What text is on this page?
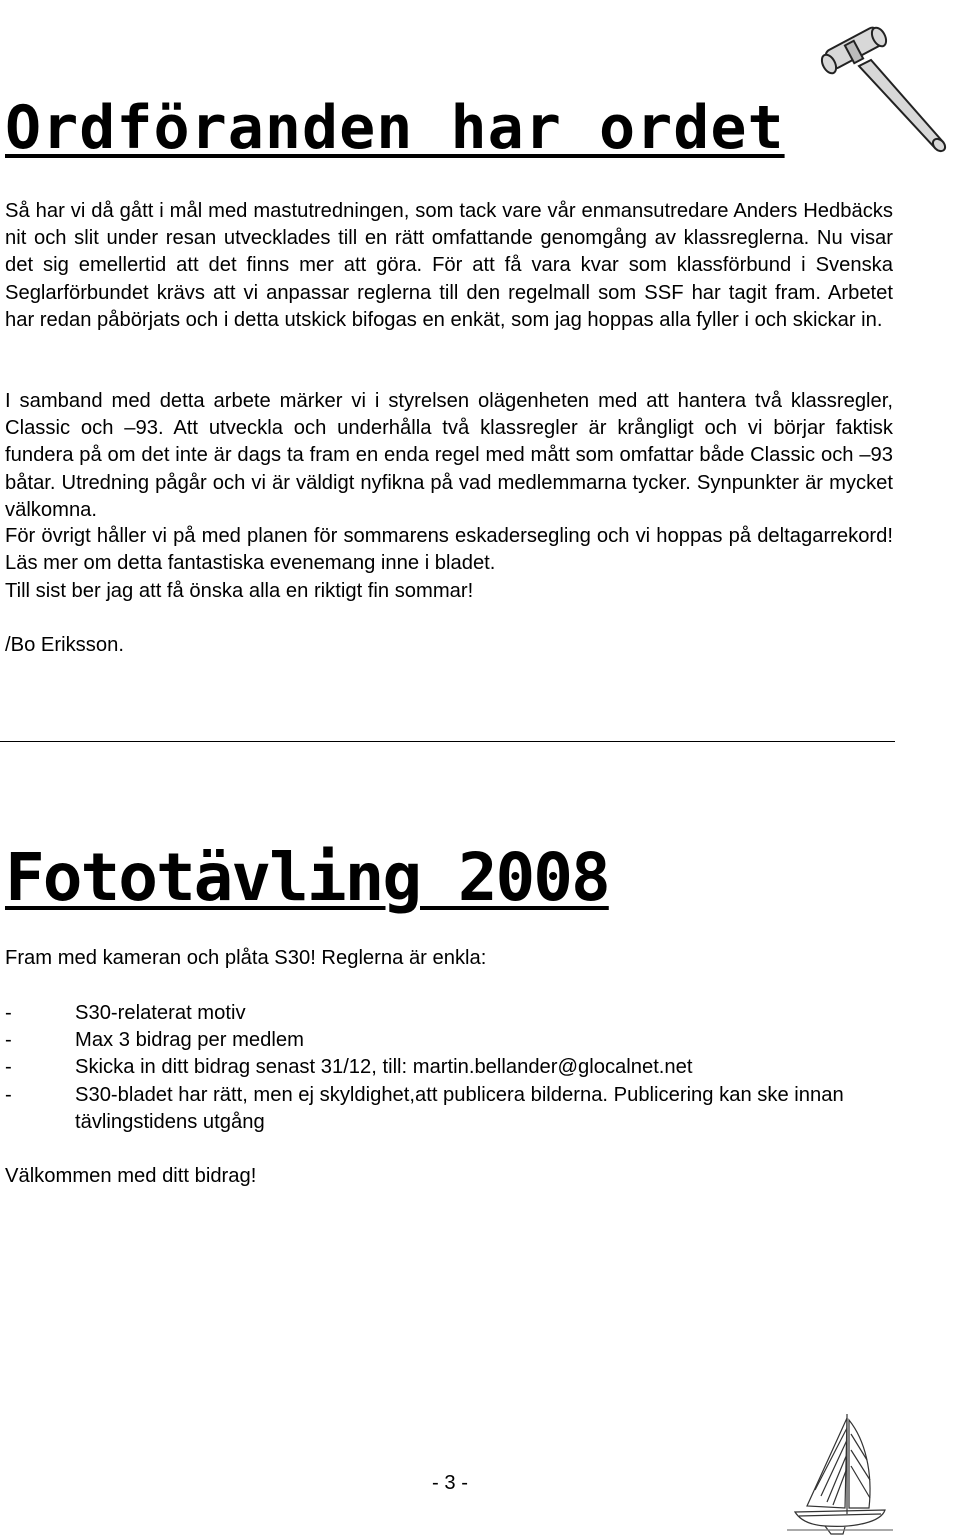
Ordföranden har ordet
Så har vi då gått i mål med mastutredningen, som tack vare vår enmansutredare Anders Hedbäcks nit och slit under resan utvecklades till en rätt omfattande genomgång av klassreglerna. Nu visar det sig emellertid att det finns mer att göra. För att få vara kvar som klassförbund i Svenska Seglarförbundet krävs att vi anpassar reglerna till den regelmall som SSF har tagit fram. Arbetet har redan påbörjats och i detta utskick bifogas en enkät, som jag hoppas alla fyller i och skickar in.
I samband med detta arbete märker vi i styrelsen olägenheten med att hantera två klassregler, Classic och –93. Att utveckla och underhålla två klassregler är krångligt och vi börjar faktisk fundera på om det inte är dags ta fram en enda regel med mått som omfattar både Classic och –93 båtar. Utredning pågår och vi är väldigt nyfikna på vad medlemmarna tycker. Synpunkter är mycket välkomna.
För övrigt håller vi på med planen för sommarens eskadersegling och vi hoppas på deltagarrekord! Läs mer om detta fantastiska evenemang inne i bladet.
Till sist ber jag att få önska alla en riktigt fin sommar!
/Bo Eriksson.
Fototävling 2008
Fram med kameran och plåta S30! Reglerna är enkla:
-	S30-relaterat motiv
-	Max 3 bidrag per medlem
-	Skicka in ditt bidrag senast 31/12, till: martin.bellander@glocalnet.net
-	S30-bladet har rätt, men ej skyldighet,att publicera bilderna. Publicering kan ske innan tävlingstidens utgång
Välkommen med ditt bidrag!
- 3 -
